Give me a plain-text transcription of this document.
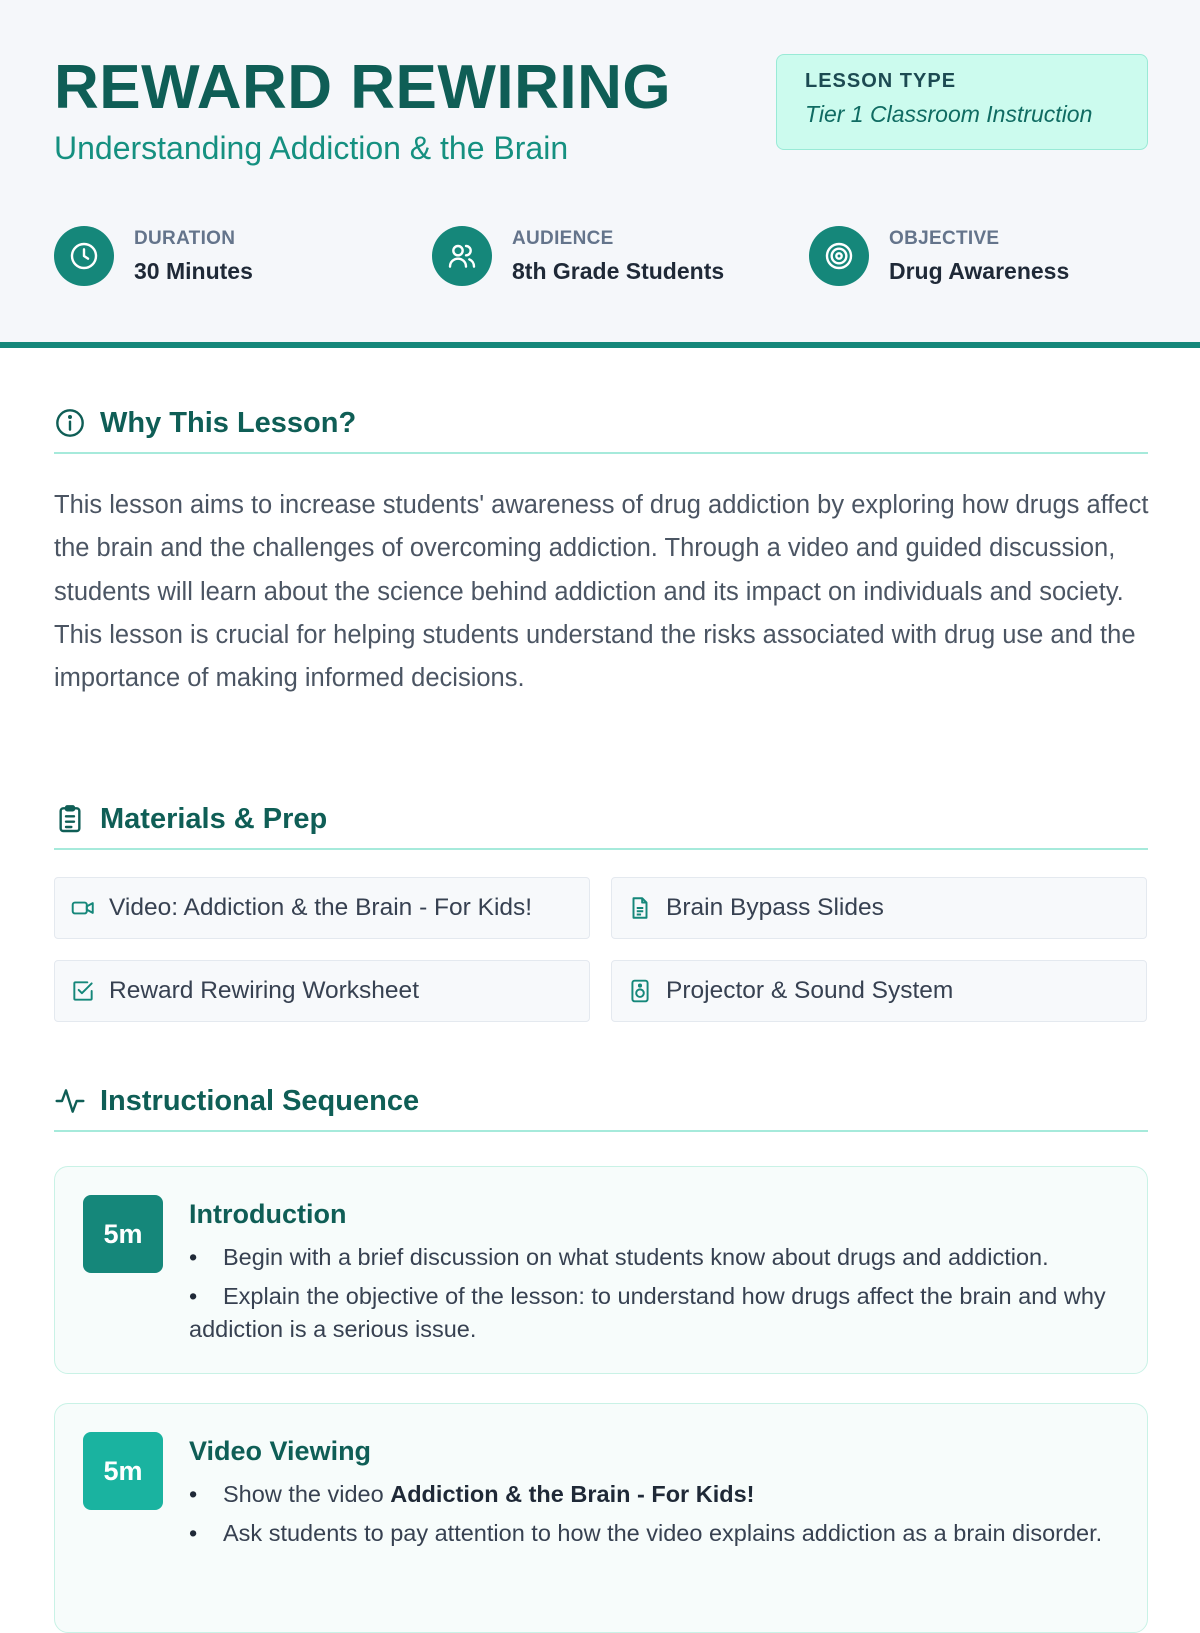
REWARD REWIRING
Understanding Addiction & the Brain
LESSON TYPE
Tier 1 Classroom Instruction
DURATION
30 Minutes
AUDIENCE
8th Grade Students
OBJECTIVE
Drug Awareness
Why This Lesson?
This lesson aims to increase students' awareness of drug addiction by exploring how drugs affect the brain and the challenges of overcoming addiction. Through a video and guided discussion, students will learn about the science behind addiction and its impact on individuals and society. This lesson is crucial for helping students understand the risks associated with drug use and the importance of making informed decisions.
Materials & Prep
Video: Addiction & the Brain - For Kids!	Brain Bypass Slides
Reward Rewiring Worksheet	Projector & Sound System
Instructional Sequence
5m
Introduction
• Begin with a brief discussion on what students know about drugs and addiction.
• Explain the objective of the lesson: to understand how drugs affect the brain and why addiction is a serious issue.
5m
Video Viewing
• Show the video Addiction & the Brain - For Kids!
• Ask students to pay attention to how the video explains addiction as a brain disorder.
